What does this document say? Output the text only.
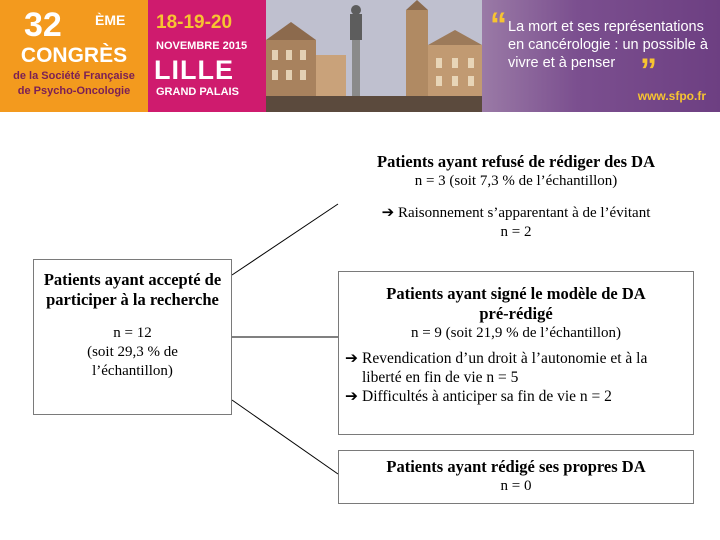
32 ÈME
CONGRÈS
de la Société Française
de Psycho-Oncologie
18-19-20
NOVEMBRE 2015
LILLE
GRAND PALAIS
“ La mort et ses représentations en cancérologie : un possible à vivre et à penser ”
www.sfpo.fr
Patients ayant refusé de rédiger des DA
n = 3 (soit 7,3 % de l’échantillon)
➔ Raisonnement s’apparentant à de l’évitant
n = 2
Patients ayant accepté de participer à la recherche
n = 12
(soit 29,3 % de l’échantillon)
Patients ayant signé le modèle de DA pré-rédigé
n = 9 (soit 21,9 % de l’échantillon)
➔ Revendication d’un droit à l’autonomie et à la liberté en fin de vie n = 5
➔ Difficultés à anticiper sa fin de vie n = 2
Patients ayant rédigé ses propres DA
n = 0
